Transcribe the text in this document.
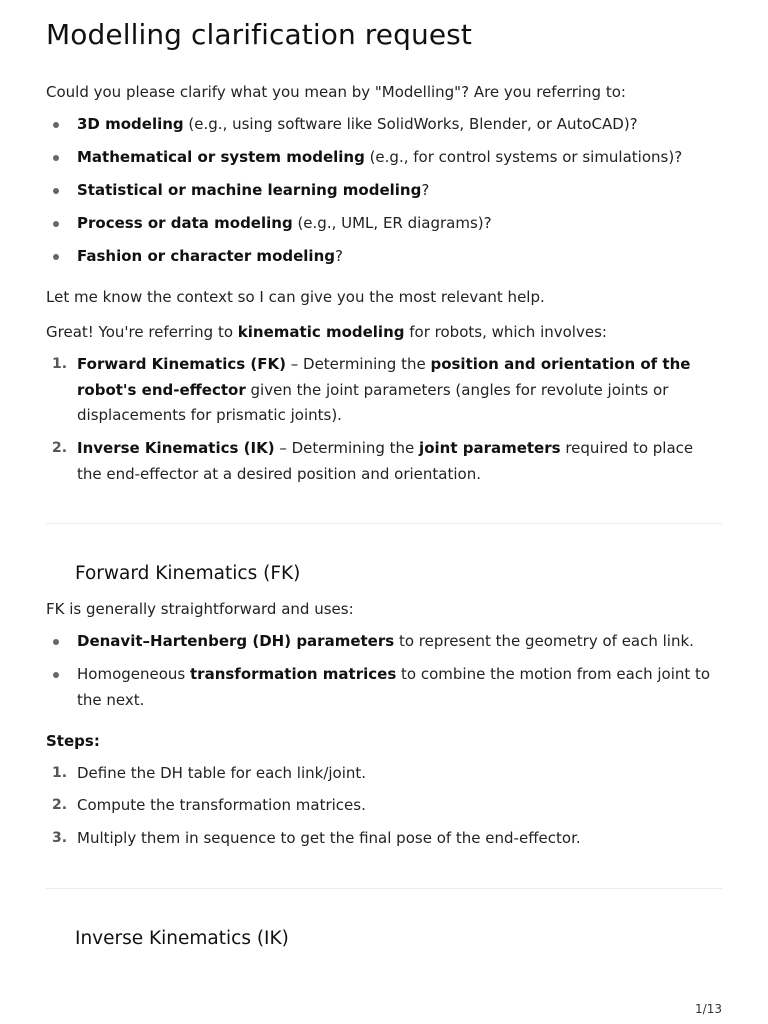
Modelling clarification request

Could you please clarify what you mean by "Modelling"? Are you referring to:

3D modeling (e.g., using software like SolidWorks, Blender, or AutoCAD)?
Mathematical or system modeling (e.g., for control systems or simulations)?
Statistical or machine learning modeling?
Process or data modeling (e.g., UML, ER diagrams)?
Fashion or character modeling?

Let me know the context so I can give you the most relevant help.

Great! You're referring to kinematic modeling for robots, which involves:

1. Forward Kinematics (FK) – Determining the position and orientation of the robot's end-effector given the joint parameters (angles for revolute joints or displacements for prismatic joints).
2. Inverse Kinematics (IK) – Determining the joint parameters required to place the end-effector at a desired position and orientation.
Forward Kinematics (FK)

FK is generally straightforward and uses:

Denavit–Hartenberg (DH) parameters to represent the geometry of each link.
Homogeneous transformation matrices to combine the motion from each joint to the next.

Steps:

1. Define the DH table for each link/joint.
2. Compute the transformation matrices.
3. Multiply them in sequence to get the final pose of the end-effector.
Inverse Kinematics (IK)
1/13
